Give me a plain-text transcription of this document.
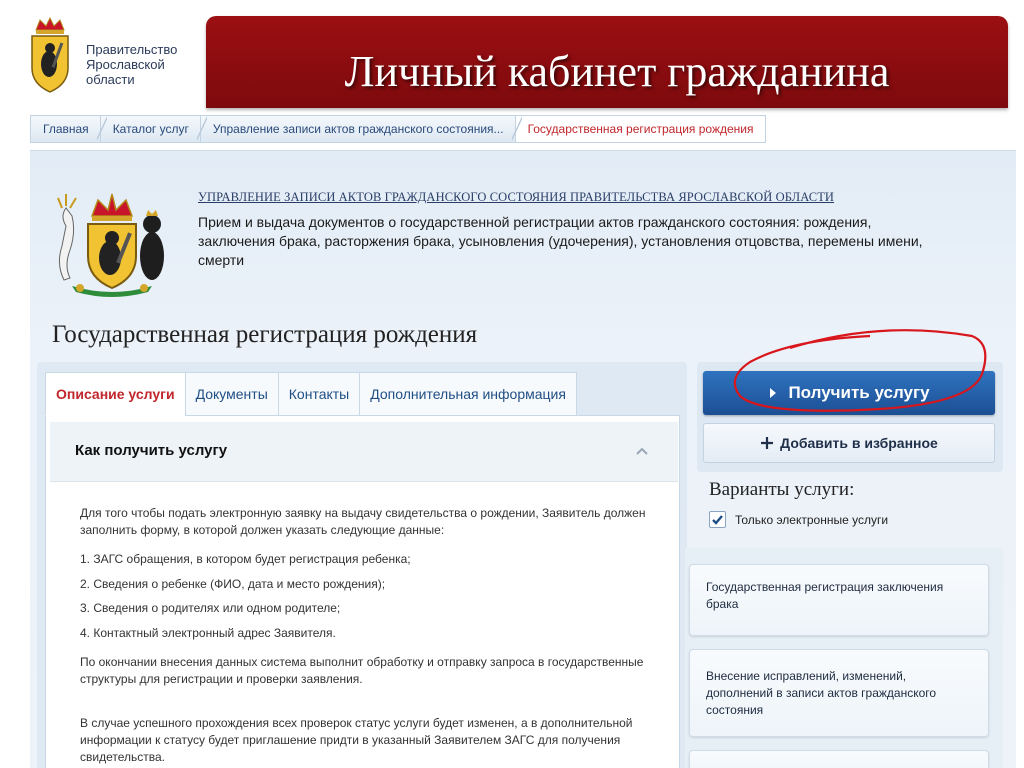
Правительство
Ярославской
области	Личный кабинет гражданина
Главная	Каталог услуг	Управление записи актов гражданского состояния...	Государственная регистрация рождения
УПРАВЛЕНИЕ ЗАПИСИ АКТОВ ГРАЖДАНСКОГО СОСТОЯНИЯ ПРАВИТЕЛЬСТВА ЯРОСЛАВСКОЙ ОБЛАСТИ
Прием и выдача документов о государственной регистрации актов гражданского состояния: рождения, заключения брака, расторжения брака, усыновления (удочерения), установления отцовства, перемены имени, смерти
Государственная регистрация рождения
Описание услуги	Документы	Контакты	Дополнительная информация
Как получить услугу
Для того чтобы подать электронную заявку на выдачу свидетельства о рождении, Заявитель должен заполнить форму, в которой должен указать следующие данные:
1. ЗАГС обращения, в котором будет регистрация ребенка;
2. Сведения о ребенке (ФИО, дата и место рождения);
3. Сведения о родителях или одном родителе;
4. Контактный электронный адрес Заявителя.
По окончании внесения данных система выполнит обработку и отправку запроса в государственные структуры для регистрации и проверки заявления.
В случае успешного прохождения всех проверок статус услуги будет изменен, а в дополнительной информации к статусу будет приглашение придти в указанный Заявителем ЗАГС для получения свидетельства.
Получить услугу
Добавить в избранное
Варианты услуги:
Только электронные услуги
Государственная регистрация заключения брака
Внесение исправлений, изменений, дополнений в записи актов гражданского состояния
